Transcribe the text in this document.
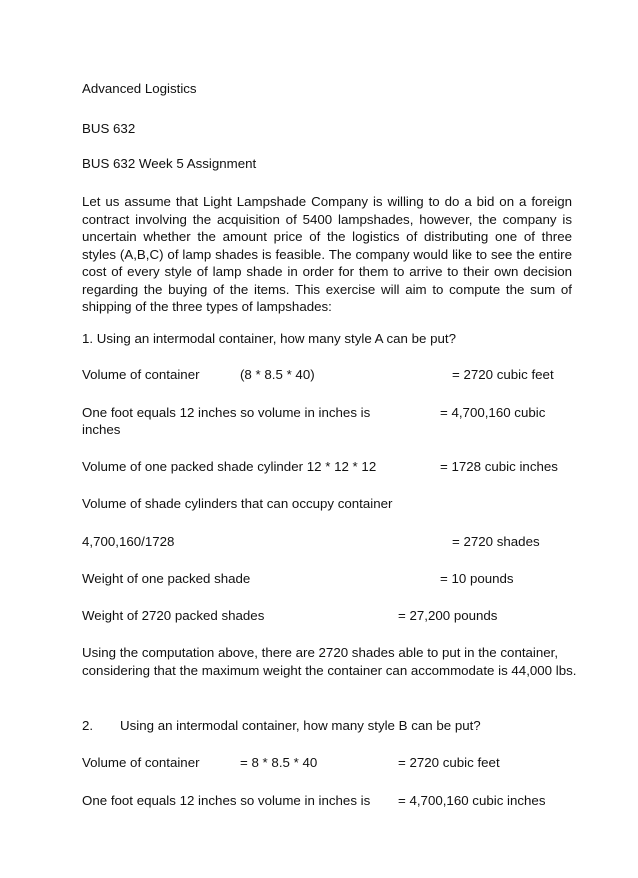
Advanced Logistics
BUS 632
BUS 632 Week 5 Assignment
Let us assume that Light Lampshade Company is willing to do a bid on a foreign contract involving the acquisition of 5400 lampshades, however, the company is uncertain whether the amount price of the logistics of distributing one of three styles (A,B,C) of lamp shades is feasible. The company would like to see the entire cost of every style of lamp shade in order for them to arrive to their own decision regarding the buying of the items. This exercise will aim to compute the sum of shipping of the three types of lampshades:
1. Using an intermodal container, how many style A can be put?
Volume of container	(8 * 8.5 * 40)	= 2720 cubic feet
One foot equals 12 inches so volume in inches is	= 4,700,160 cubic
inches
Volume of one packed shade cylinder 12 * 12 * 12	= 1728 cubic inches
Volume of shade cylinders that can occupy container
4,700,160/1728	= 2720 shades
Weight of one packed shade	= 10 pounds
Weight of 2720 packed shades	= 27,200 pounds
Using the computation above, there are 2720 shades able to put in the container, considering that the maximum weight the container can accommodate is 44,000 lbs.
2. Using an intermodal container, how many style B can be put?
Volume of container	= 8 * 8.5 * 40	= 2720 cubic feet
One foot equals 12 inches so volume in inches is = 4,700,160 cubic inches
